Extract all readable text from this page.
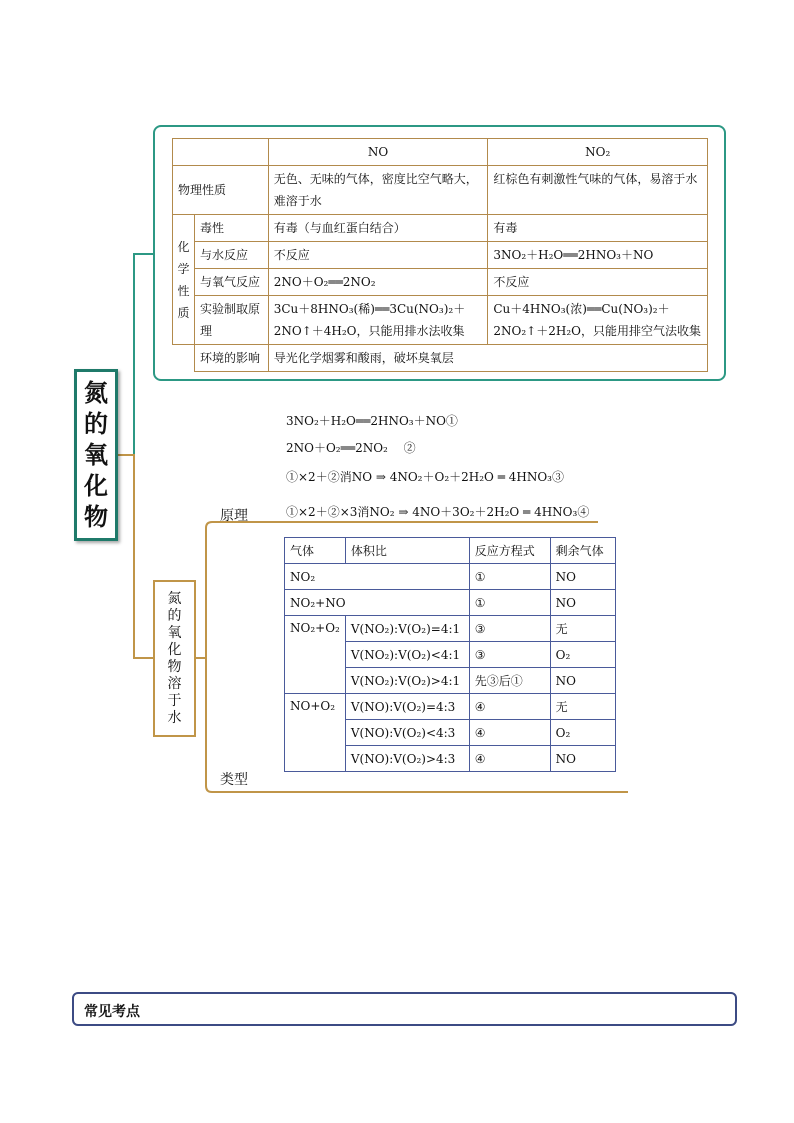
氮
的
氧
化
物
		NO	NO₂
物理性质		无色、无味的气体，密度比空气略大，难溶于水	红棕色有刺激性气味的气体，易溶于水
化
学
性
质	毒性	有毒（与血红蛋白结合）	有毒
	与水反应	不反应	3NO₂＋H₂O══2HNO₃＋NO
	与氧气反应	2NO＋O₂══2NO₂	不反应
	实验制取原理	3Cu＋8HNO₃(稀)══3Cu(NO₃)₂＋2NO↑＋4H₂O，只能用排水法收集	Cu＋4HNO₃(浓)══Cu(NO₃)₂＋2NO₂↑＋2H₂O，只能用排空气法收集
	环境的影响	导光化学烟雾和酸雨，破坏臭氧层	
3NO₂＋H₂O══2HNO₃＋NO①
2NO＋O₂══2NO₂　 ②
①×2＋②消NO ⇒ 4NO₂＋O₂＋2H₂O ═ 4HNO₃③
①×2＋②×3消NO₂ ⇒ 4NO＋3O₂＋2H₂O ═ 4HNO₃④
原理
类型
氮
的
氧
化
物
溶
于
水
气体	体积比	反应方程式	剩余气体
NO₂		①	NO
NO₂+NO		①	NO
NO₂+O₂	V(NO₂):V(O₂)=4:1	③	无
	V(NO₂):V(O₂)<4:1	③	O₂
	V(NO₂):V(O₂)>4:1	先③后①	NO
NO+O₂	V(NO):V(O₂)=4:3	④	无
	V(NO):V(O₂)<4:3	④	O₂
	V(NO):V(O₂)>4:3	④	NO
常见考点
